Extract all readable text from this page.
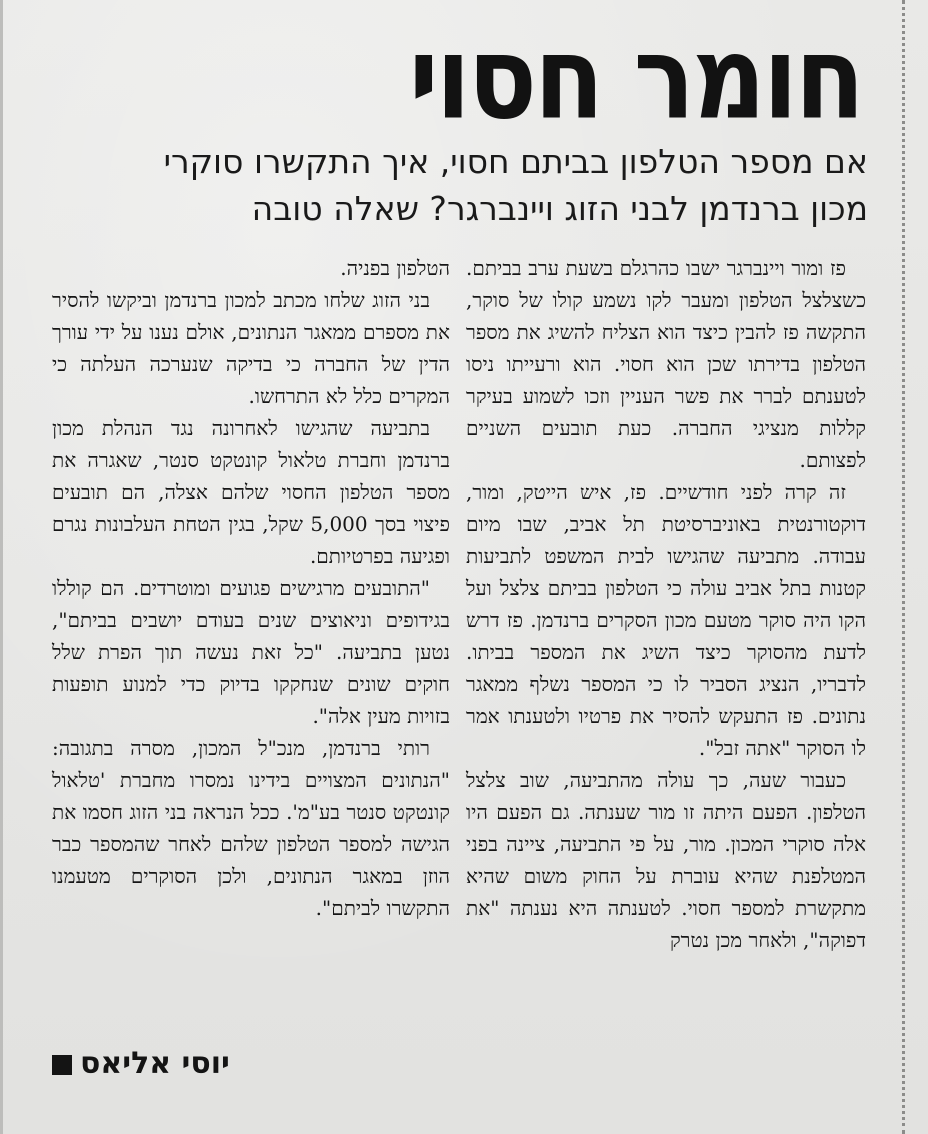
חומר חסוי
אם מספר הטלפון בביתם חסוי, איך התקשרו סוקרי
מכון ברנדמן לבני הזוג ויינברגר? שאלה טובה

פז ומור ויינברגר ישבו כהרגלם בשעת ערב בביתם. כשצלצל הטלפון ומעבר לקו נשמע קולו של סוקר, התקשה פז להבין כיצד הוא הצליח להשיג את מספר הטלפון בדירתו שכן הוא חסוי. הוא ורעייתו ניסו לטענתם לברר את פשר העניין וזכו לשמוע בעיקר קללות מנציגי החברה. כעת תובעים השניים לפצותם.

זה קרה לפני חודשיים. פז, איש הייטק, ומור, דוקטורנטית באוניברסיטת תל אביב, שבו מיום עבודה. מתביעה שהגישו לבית המשפט לתביעות קטנות בתל אביב עולה כי הטלפון בביתם צלצל ועל הקו היה סוקר מטעם מכון הסקרים ברנדמן. פז דרש לדעת מהסוקר כיצד השיג את המספר בביתו. לדבריו, הנציג הסביר לו כי המספר נשלף ממאגר נתונים. פז התעקש להסיר את פרטיו ולטענתו אמר לו הסוקר "אתה זבל".

כעבור שעה, כך עולה מהתביעה, שוב צלצל הטלפון. הפעם היתה זו מור שענתה. גם הפעם היו אלה סוקרי המכון. מור, על פי התביעה, ציינה בפני המטלפנת שהיא עוברת על החוק משום שהיא מתקשרת למספר חסוי. לטענתה היא נענתה "את דפוקה", ולאחר מכן נטרק

הטלפון בפניה.

בני הזוג שלחו מכתב למכון ברנדמן וביקשו להסיר את מספרם ממאגר הנתונים, אולם נענו על ידי עורך הדין של החברה כי בדיקה שנערכה העלתה כי המקרים כלל לא התרחשו.

בתביעה שהגישו לאחרונה נגד הנהלת מכון ברנדמן וחברת טלאול קונטקט סנטר, שאגרה את מספר הטלפון החסוי שלהם אצלה, הם תובעים פיצוי בסך 5,000 שקל, בגין הטחת העלבונות נגרם ופגיעה בפרטיותם.

"התובעים מרגישים פגועים ומוטרדים. הם קוללו בגידופים וניאוצים שנים בעודם יושבים בביתם", נטען בתביעה. "כל זאת נעשה תוך הפרת שלל חוקים שונים שנחקקו בדיוק כדי למנוע תופעות בזויות מעין אלה".

רותי ברנדמן, מנכ"ל המכון, מסרה בתגובה: "הנתונים המצויים בידינו נמסרו מחברת 'טלאול קונטקט סנטר בע"מ'. ככל הנראה בני הזוג חסמו את הגישה למספר הטלפון שלהם לאחר שהמספר כבר הוזן במאגר הנתונים, ולכן הסוקרים מטעמנו התקשרו לביתם".

יוסי אליאס
